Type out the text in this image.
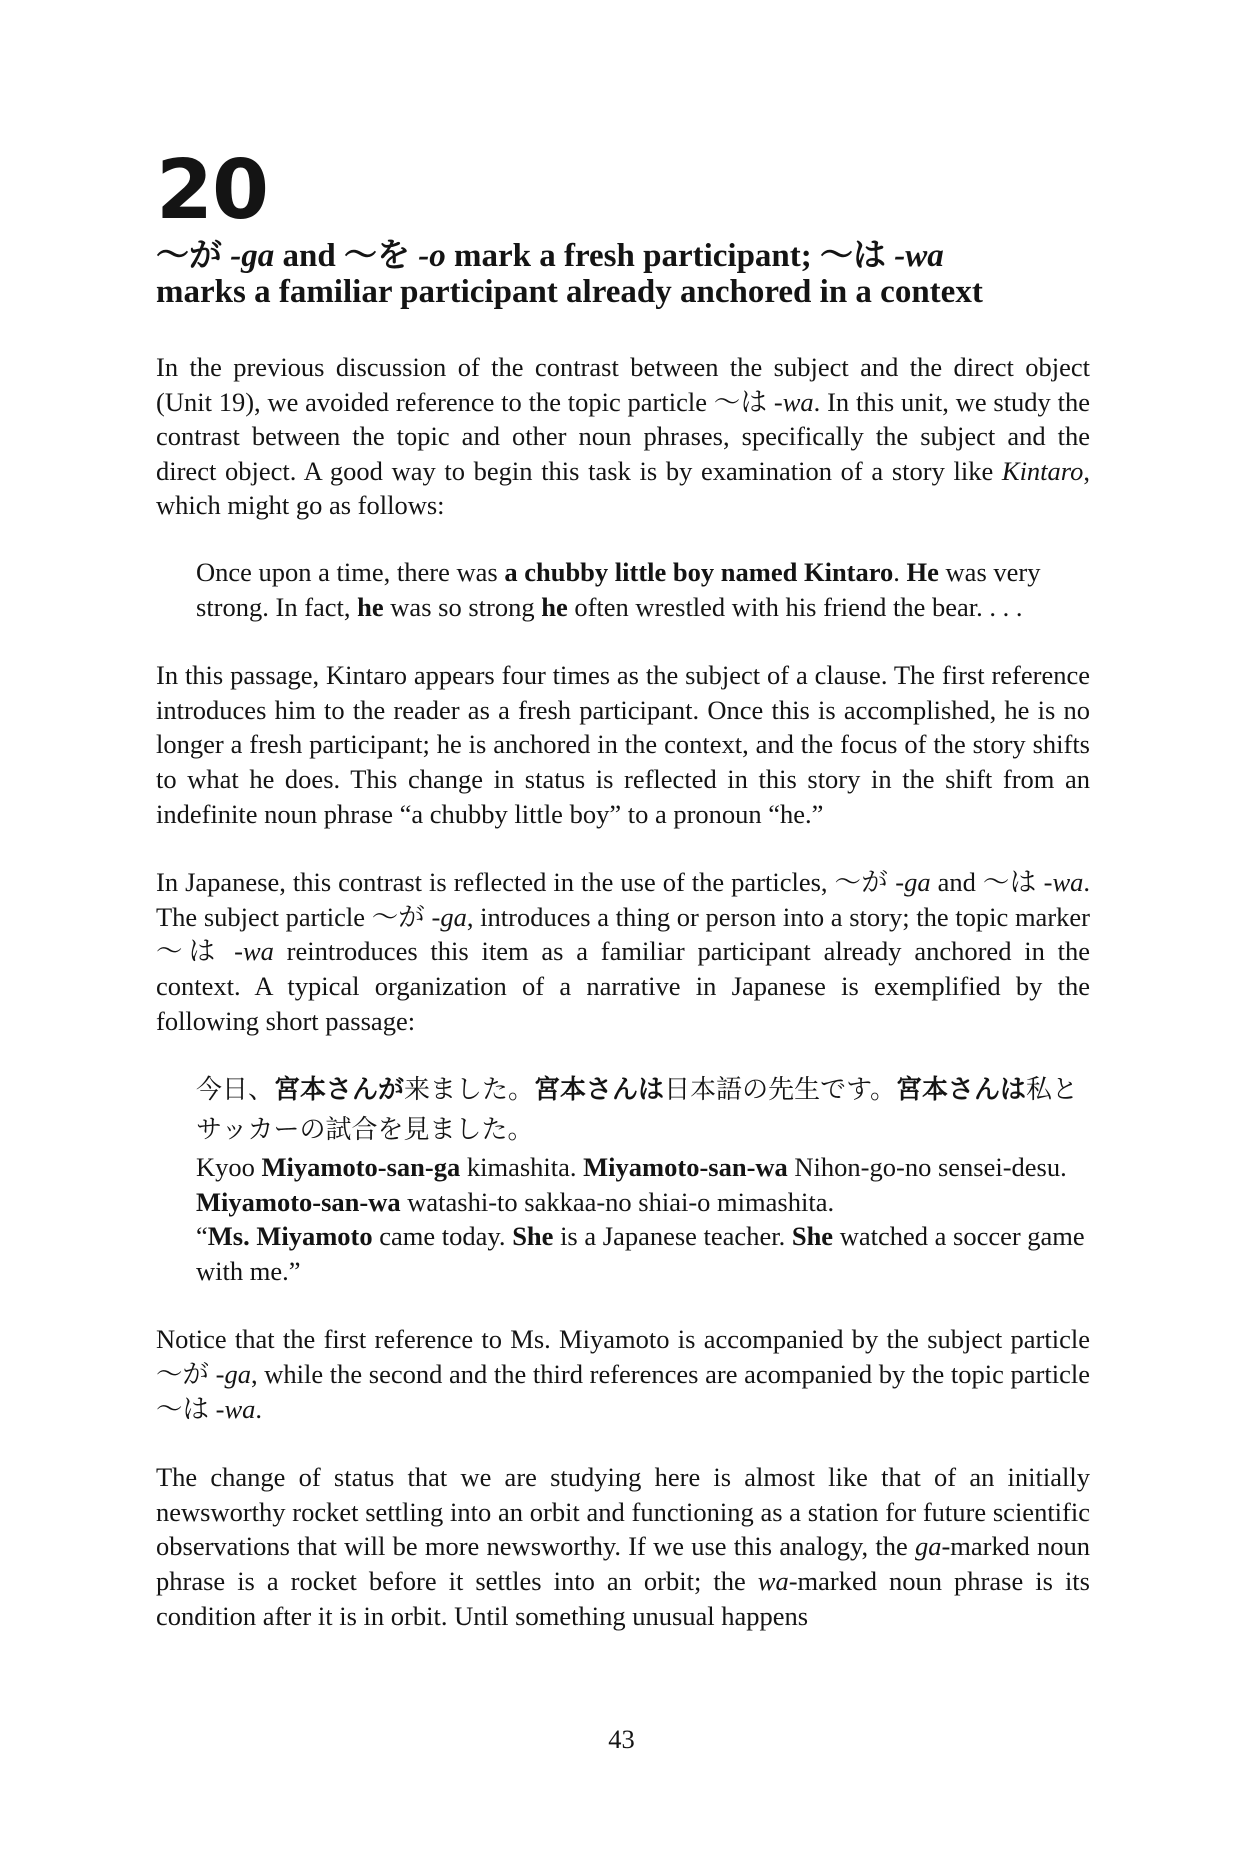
20
～が -ga and ～を -o mark a fresh participant; ～は -wa
marks a familiar participant already anchored in a context

In the previous discussion of the contrast between the subject and the direct object (Unit 19), we avoided reference to the topic particle ～は -wa. In this unit, we study the contrast between the topic and other noun phrases, specifically the subject and the direct object. A good way to begin this task is by examination of a story like Kintaro, which might go as follows:

Once upon a time, there was a chubby little boy named Kintaro. He was very strong. In fact, he was so strong he often wrestled with his friend the bear. . . .

In this passage, Kintaro appears four times as the subject of a clause. The first reference introduces him to the reader as a fresh participant. Once this is accomplished, he is no longer a fresh participant; he is anchored in the context, and the focus of the story shifts to what he does. This change in status is reflected in this story in the shift from an indefinite noun phrase “a chubby little boy” to a pronoun “he.”

In Japanese, this contrast is reflected in the use of the particles, ～が -ga and ～は -wa. The subject particle ～が -ga, introduces a thing or person into a story; the topic marker ～は -wa reintroduces this item as a familiar participant already anchored in the context. A typical organization of a narrative in Japanese is exemplified by the following short passage:

今日、宮本さんが来ました。宮本さんは日本語の先生です。宮本さんは私とサッカーの試合を見ました。
Kyoo Miyamoto-san-ga kimashita. Miyamoto-san-wa Nihon-go-no sensei-desu. Miyamoto-san-wa watashi-to sakkaa-no shiai-o mimashita.
“Ms. Miyamoto came today. She is a Japanese teacher. She watched a soccer game with me.”

Notice that the first reference to Ms. Miyamoto is accompanied by the subject particle ～が -ga, while the second and the third references are acompanied by the topic particle ～は -wa.

The change of status that we are studying here is almost like that of an initially newsworthy rocket settling into an orbit and functioning as a station for future scientific observations that will be more newsworthy. If we use this analogy, the ga-marked noun phrase is a rocket before it settles into an orbit; the wa-marked noun phrase is its condition after it is in orbit. Until something unusual happens

43
